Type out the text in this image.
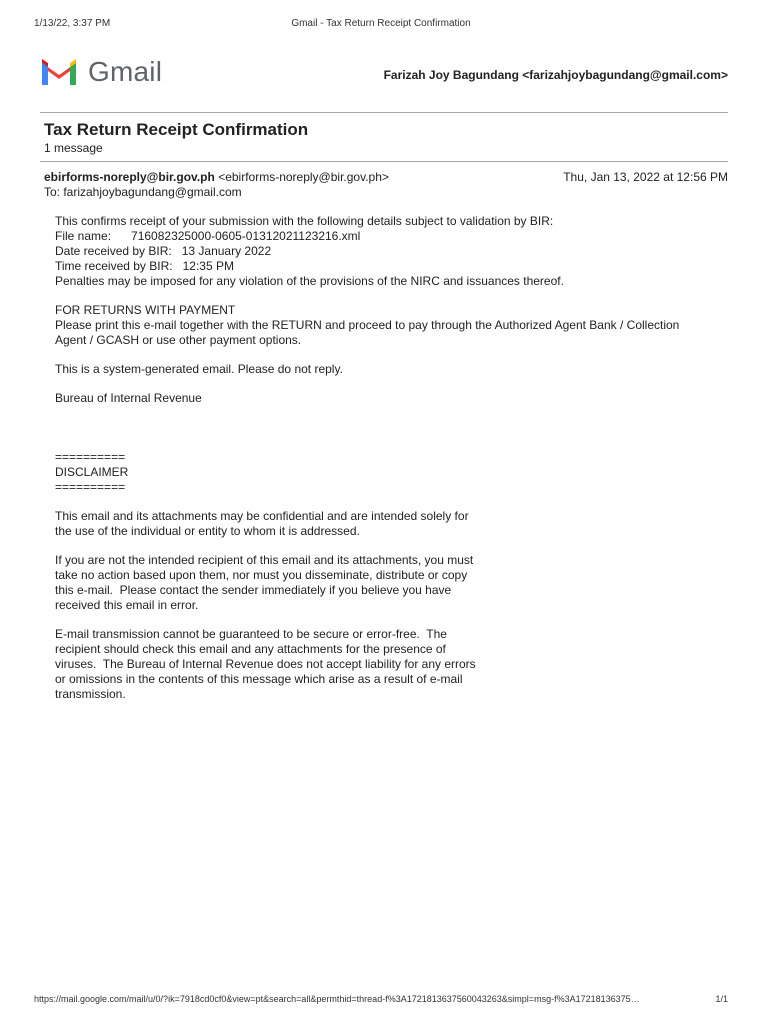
1/13/22, 3:37 PM	Gmail - Tax Return Receipt Confirmation
Gmail	Farizah Joy Bagundang <farizahjoybagundang@gmail.com>
Tax Return Receipt Confirmation
1 message
ebirforms-noreply@bir.gov.ph <ebirforms-noreply@bir.gov.ph>	Thu, Jan 13, 2022 at 12:56 PM
To: farizahjoybagundang@gmail.com

This confirms receipt of your submission with the following details subject to validation by BIR:

File name:      716082325000-0605-01312021123216.xml

Date received by BIR:   13 January 2022

Time received by BIR:   12:35 PM

Penalties may be imposed for any violation of the provisions of the NIRC and issuances thereof.

FOR RETURNS WITH PAYMENT

Please print this e-mail together with the RETURN and proceed to pay through the Authorized Agent Bank / Collection Agent / GCASH or use other payment options.

This is a system-generated email. Please do not reply.

Bureau of Internal Revenue

==========

DISCLAIMER

==========

This email and its attachments may be confidential and are intended solely for the use of the individual or entity to whom it is addressed.

If you are not the intended recipient of this email and its attachments, you must take no action based upon them, nor must you disseminate, distribute or copy this e-mail.  Please contact the sender immediately if you believe you have received this email in error.

E-mail transmission cannot be guaranteed to be secure or error-free.  The recipient should check this email and any attachments for the presence of viruses.  The Bureau of Internal Revenue does not accept liability for any errors or omissions in the contents of this message which arise as a result of e-mail transmission.

https://mail.google.com/mail/u/0/?ik=7918cd0cf0&view=pt&search=all&permthid=thread-f%3A1721813637560043263&simpl=msg-f%3A17218136375…	1/1
